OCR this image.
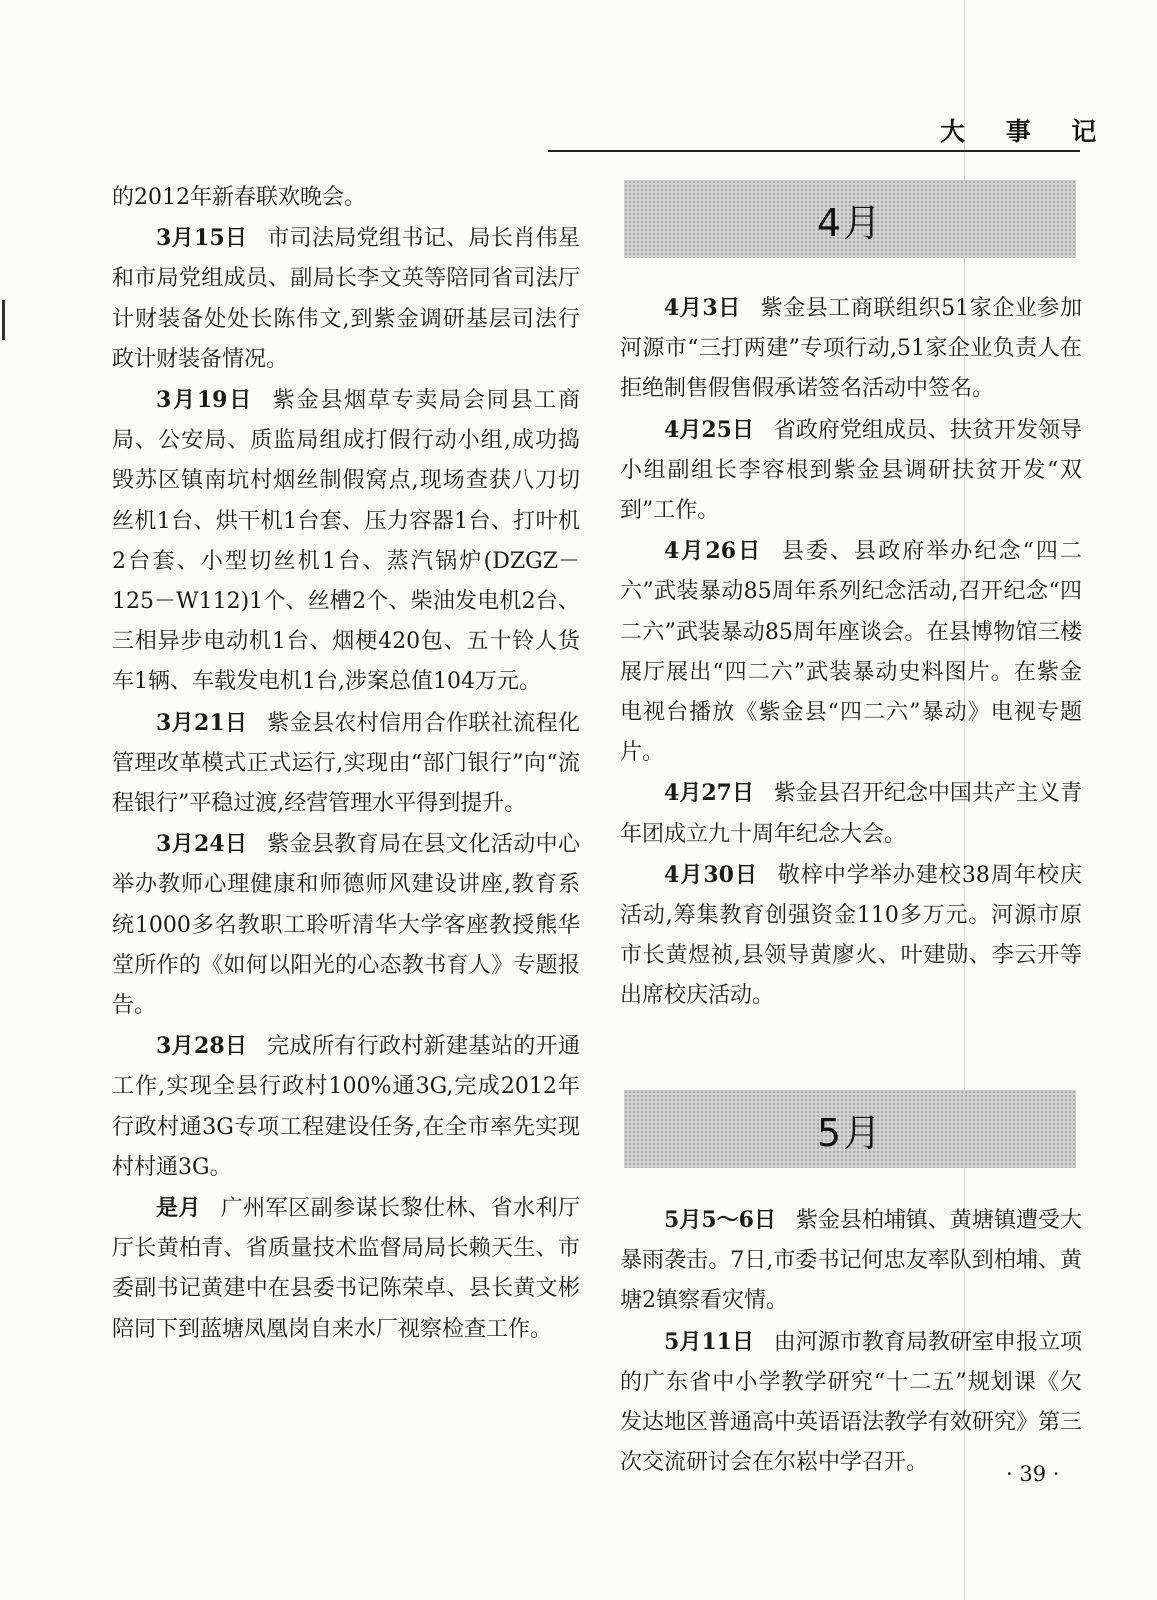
大 事 记

的2012年新春联欢晚会。

3月15日 市司法局党组书记、局长肖伟星和市局党组成员、副局长李文英等陪同省司法厅计财装备处处长陈伟文,到紫金调研基层司法行政计财装备情况。

3月19日 紫金县烟草专卖局会同县工商局、公安局、质监局组成打假行动小组,成功捣毁苏区镇南坑村烟丝制假窝点,现场查获八刀切丝机1台、烘干机1台套、压力容器1台、打叶机2台套、小型切丝机1台、蒸汽锅炉(DZGZ－125－W112)1个、丝槽2个、柴油发电机2台、三相异步电动机1台、烟梗420包、五十铃人货车1辆、车载发电机1台,涉案总值104万元。

3月21日 紫金县农村信用合作联社流程化管理改革模式正式运行,实现由“部门银行”向“流程银行”平稳过渡,经营管理水平得到提升。

3月24日 紫金县教育局在县文化活动中心举办教师心理健康和师德师风建设讲座,教育系统1000多名教职工聆听清华大学客座教授熊华堂所作的《如何以阳光的心态教书育人》专题报告。

3月28日 完成所有行政村新建基站的开通工作,实现全县行政村100%通3G,完成2012年行政村通3G专项工程建设任务,在全市率先实现村村通3G。

是月 广州军区副参谋长黎仕林、省水利厅厅长黄柏青、省质量技术监督局局长赖天生、市委副书记黄建中在县委书记陈荣卓、县长黄文彬陪同下到蓝塘凤凰岗自来水厂视察检查工作。

4月

4月3日 紫金县工商联组织51家企业参加河源市“三打两建”专项行动,51家企业负责人在拒绝制售假售假承诺签名活动中签名。

4月25日 省政府党组成员、扶贫开发领导小组副组长李容根到紫金县调研扶贫开发“双到”工作。

4月26日 县委、县政府举办纪念“四二六”武装暴动85周年系列纪念活动,召开纪念“四二六”武装暴动85周年座谈会。在县博物馆三楼展厅展出“四二六”武装暴动史料图片。在紫金电视台播放《紫金县“四二六”暴动》电视专题片。

4月27日 紫金县召开纪念中国共产主义青年团成立九十周年纪念大会。

4月30日 敬梓中学举办建校38周年校庆活动,筹集教育创强资金110多万元。河源市原市长黄煜祯,县领导黄廖火、叶建勋、李云开等出席校庆活动。

5月

5月5～6日 紫金县柏埔镇、黄塘镇遭受大暴雨袭击。7日,市委书记何忠友率队到柏埔、黄塘2镇察看灾情。

5月11日 由河源市教育局教研室申报立项的广东省中小学教学研究“十二五”规划课《欠发达地区普通高中英语语法教学有效研究》第三次交流研讨会在尔崧中学召开。	· 39 ·
